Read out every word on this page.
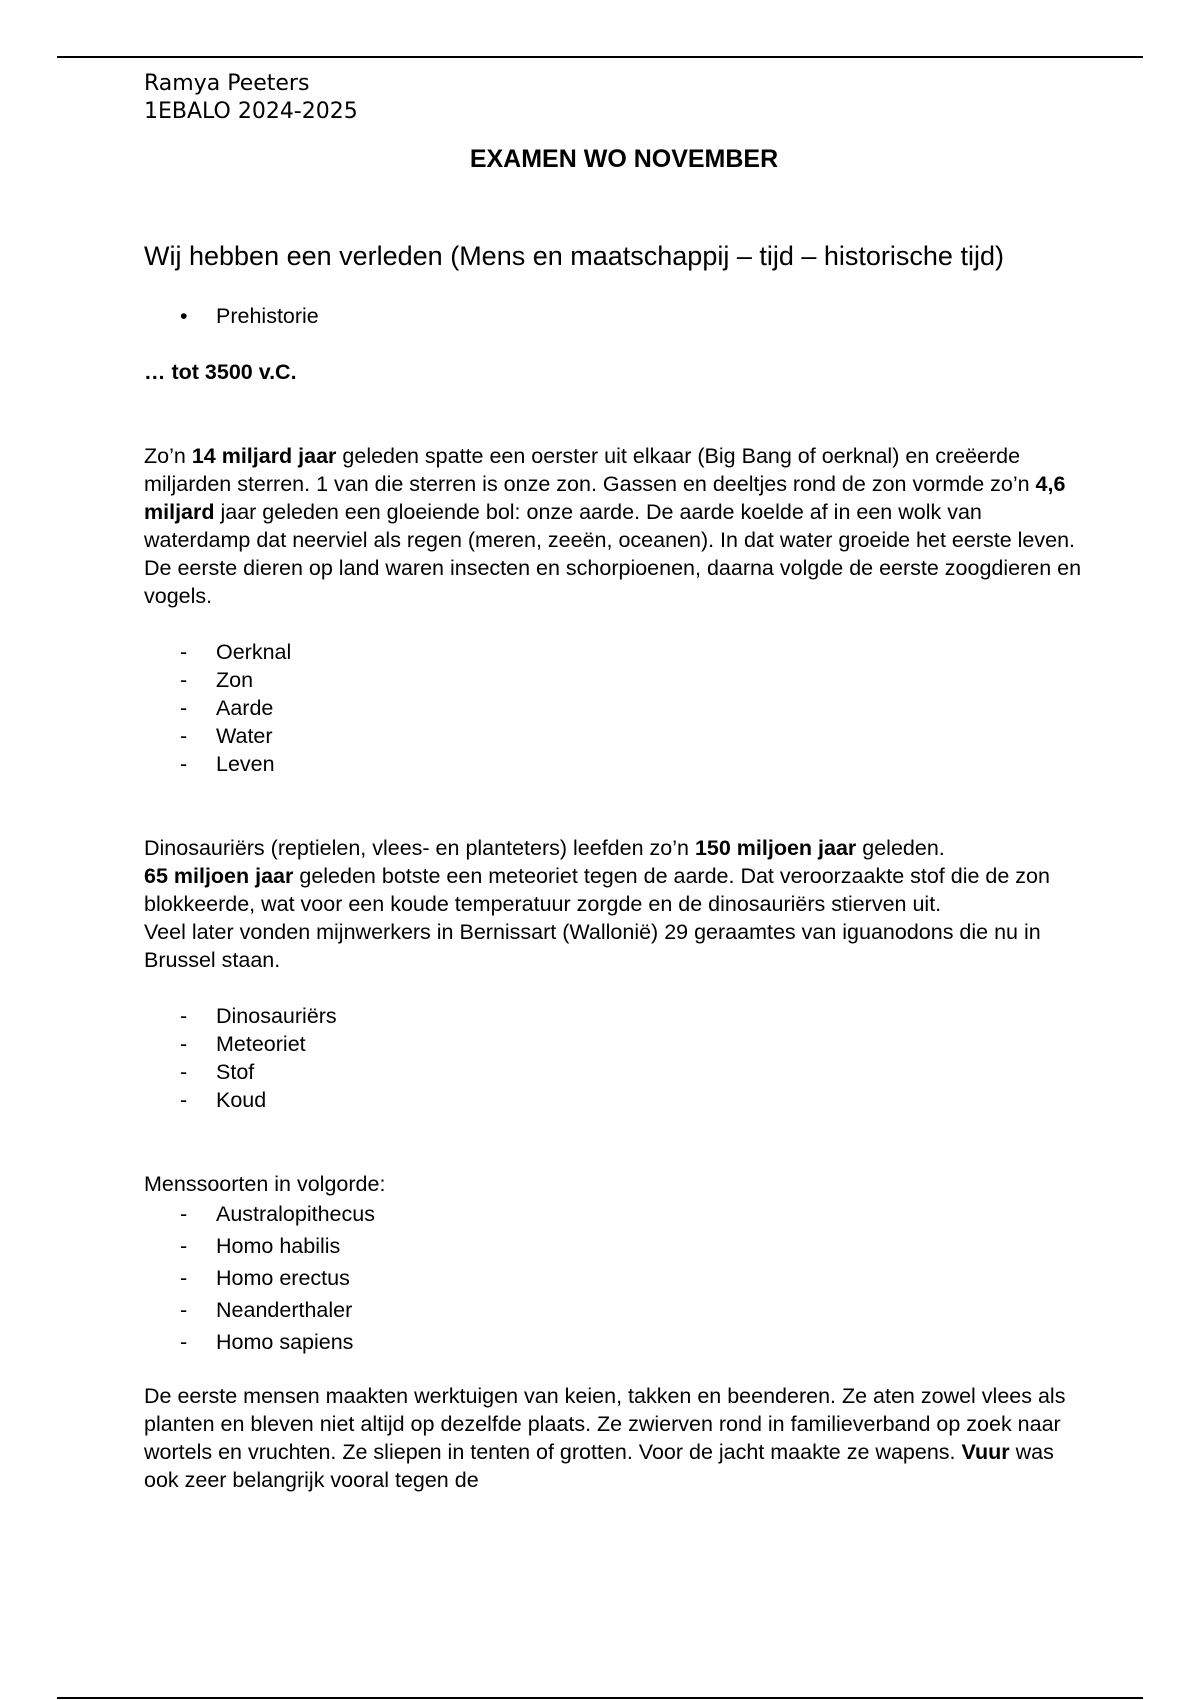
Ramya Peeters
1EBALO 2024-2025
EXAMEN WO NOVEMBER
Wij hebben een verleden (Mens en maatschappij – tijd – historische tijd)
• Prehistorie
… tot 3500 v.C.
Zo’n 14 miljard jaar geleden spatte een oerster uit elkaar (Big Bang of oerknal) en creëerde miljarden sterren. 1 van die sterren is onze zon. Gassen en deeltjes rond de zon vormde zo’n 4,6 miljard jaar geleden een gloeiende bol: onze aarde. De aarde koelde af in een wolk van waterdamp dat neerviel als regen (meren, zeeën, oceanen). In dat water groeide het eerste leven. De eerste dieren op land waren insecten en schorpioenen, daarna volgde de eerste zoogdieren en vogels.
- Oerknal
- Zon
- Aarde
- Water
- Leven
Dinosauriërs (reptielen, vlees- en planteters) leefden zo’n 150 miljoen jaar geleden.
65 miljoen jaar geleden botste een meteoriet tegen de aarde. Dat veroorzaakte stof die de zon blokkeerde, wat voor een koude temperatuur zorgde en de dinosauriërs stierven uit.
Veel later vonden mijnwerkers in Bernissart (Wallonië) 29 geraamtes van iguanodons die nu in Brussel staan.
- Dinosauriërs
- Meteoriet
- Stof
- Koud
Menssoorten in volgorde:
- Australopithecus
- Homo habilis
- Homo erectus
- Neanderthaler
- Homo sapiens
De eerste mensen maakten werktuigen van keien, takken en beenderen. Ze aten zowel vlees als planten en bleven niet altijd op dezelfde plaats. Ze zwierven rond in familieverband op zoek naar wortels en vruchten. Ze sliepen in tenten of grotten. Voor de jacht maakte ze wapens. Vuur was ook zeer belangrijk vooral tegen de
